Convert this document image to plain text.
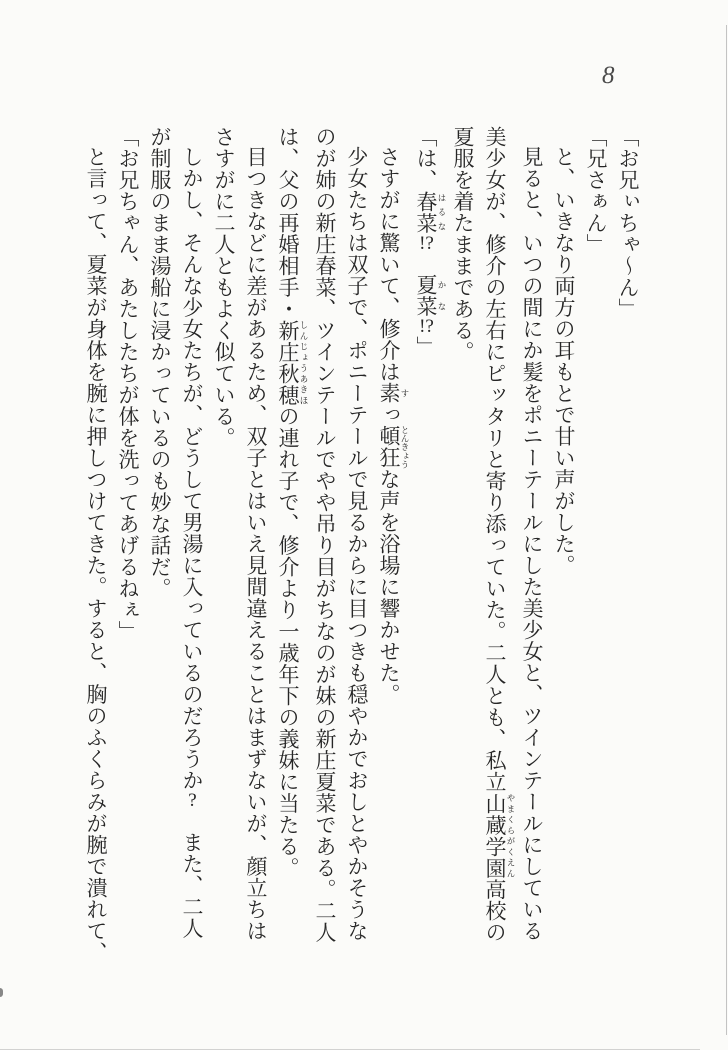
8
「お兄ぃちゃ～ん」
「兄さぁん」
と、いきなり両方の耳もとで甘い声がした。
見ると、いつの間にか髪をポニーテールにした美少女と、ツインテールにしている
美少女が、修介の左右にピッタリと寄り添っていた。二人とも、私立山蔵学園 やまくらがくえん高校の
夏服を着たままである。
「は、春菜 はるな!?　夏菜 かな!?」
さすがに驚いて、修介は素 すっ頓狂 とんきょうな声を浴場に響かせた。
少女たちは双子で、ポニーテールで見るからに目つきも穏やかでおしとやかそうな
のが姉の新庄春菜、ツインテールでやや吊り目がちなのが妹の新庄夏菜である。二人
は、父の再婚相手・新庄秋穂 しんじょうあきほの連れ子で、修介より一歳年下の義妹に当たる。
目つきなどに差があるため、双子とはいえ見間違えることはまずないが、顔立ちは
さすがに二人ともよく似ている。
しかし、そんな少女たちが、どうして男湯に入っているのだろうか?　また、二人
が制服のまま湯船に浸かっているのも妙な話だ。
「お兄ちゃん、あたしたちが体を洗ってあげるねぇ」
と言って、夏菜が身体を腕に押しつけてきた。すると、胸のふくらみが腕で潰れて、
